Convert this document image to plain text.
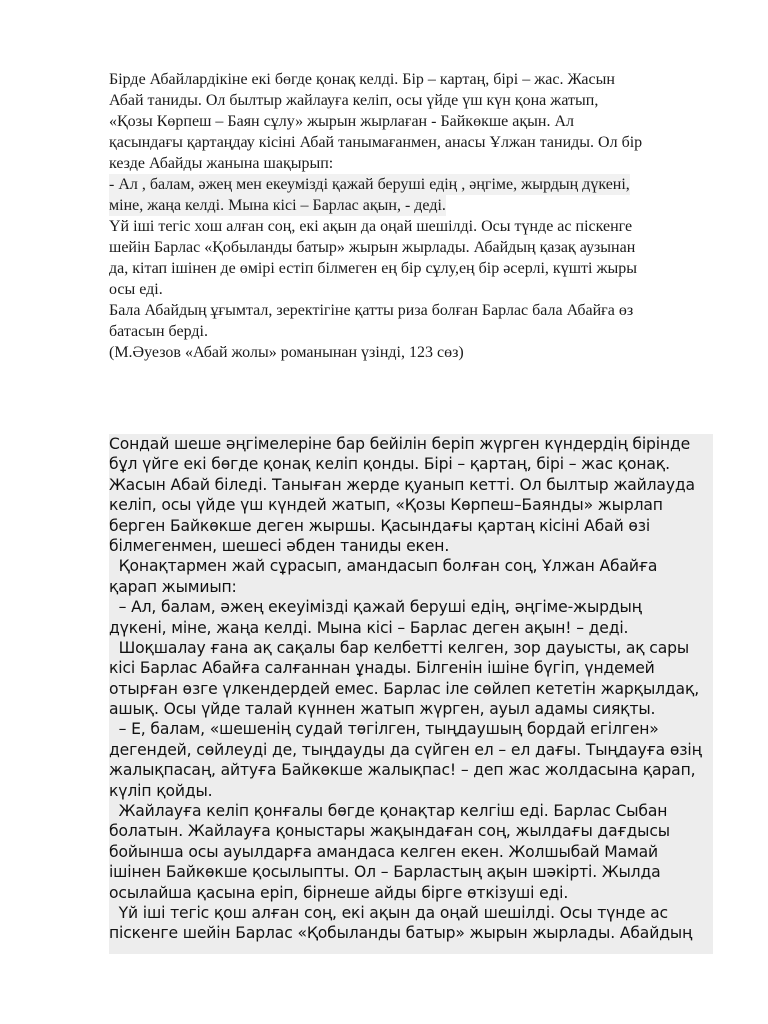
Бірде Абайлардікіне екі бөгде қонақ келді. Бір – картаң, бірі – жас. Жасын
Абай таниды. Ол былтыр жайлауға келіп, осы үйде үш күн қона жатып,
«Қозы Көрпеш – Баян сұлу» жырын жырлаған - Байкөкше ақын. Ал
қасындағы қартаңдау кісіні Абай танымағанмен, анасы Ұлжан таниды. Ол бір
кезде Абайды жанына шақырып:
- Ал , балам, әжең мен екеумізді қажай беруші едің , әңгіме, жырдың дүкені,
міне, жаңа келді. Мына кісі – Барлас ақын, - деді.
Үй іші тегіс хош алған соң, екі ақын да оңай шешілді. Осы түнде ас піскенге
шейін Барлас «Қобыланды батыр» жырын жырлады. Абайдың қазақ аузынан
да, кітап ішінен де өмірі естіп білмеген ең бір сұлу,ең бір әсерлі, күшті жыры
осы еді.
Бала Абайдың ұғымтал, зеректігіне қатты риза болған Барлас бала Абайға өз
батасын берді.
(М.Әуезов «Абай жолы» романынан үзінді, 123 сөз)
Сондай шеше әңгімелеріне бар бейілін беріп жүрген күндердің бірінде
бұл үйге екі бөгде қонақ келіп қонды. Бірі – қартаң, бірі – жас қонақ.
Жасын Абай біледі. Таныған жерде қуанып кетті. Ол былтыр жайлауда
келіп, осы үйде үш күндей жатып, «Қозы Көрпеш–Баянды» жырлап
берген Байкөкше деген жыршы. Қасындағы қартаң кісіні Абай өзі
білмегенмен, шешесі әбден таниды екен.
Қонақтармен жай сұрасып, амандасып болған соң, Ұлжан Абайға
қарап жымиып:
– Ал, балам, әжең екеуімізді қажай беруші едің, әңгіме-жырдың
дүкені, міне, жаңа келді. Мына кісі – Барлас деген ақын! – деді.
Шоқшалау ғана ақ сақалы бар келбетті келген, зор дауысты, ақ сары
кісі Барлас Абайға салғаннан ұнады. Білгенін ішіне бүгіп, үндемей
отырған өзге үлкендердей емес. Барлас іле сөйлеп кететін жарқылдақ,
ашық. Осы үйде талай күннен жатып жүрген, ауыл адамы сияқты.
– Е, балам, «шешенің судай төгілген, тыңдаушың бордай егілген»
дегендей, сөйлеуді де, тыңдауды да сүйген ел – ел дағы. Тыңдауға өзің
жалықпасаң, айтуға Байкөкше жалықпас! – деп жас жолдасына қарап,
күліп қойды.
Жайлауға келіп қонғалы бөгде қонақтар келгіш еді. Барлас Сыбан
болатын. Жайлауға қоныстары жақындаған соң, жылдағы дағдысы
бойынша осы ауылдарға амандаса келген екен. Жолшыбай Мамай
ішінен Байкөкше қосылыпты. Ол – Барластың ақын шәкірті. Жылда
осылайша қасына еріп, бірнеше айды бірге өткізуші еді.
Үй іші тегіс қош алған соң, екі ақын да оңай шешілді. Осы түнде ас
піскенге шейін Барлас «Қобыланды батыр» жырын жырлады. Абайдың
